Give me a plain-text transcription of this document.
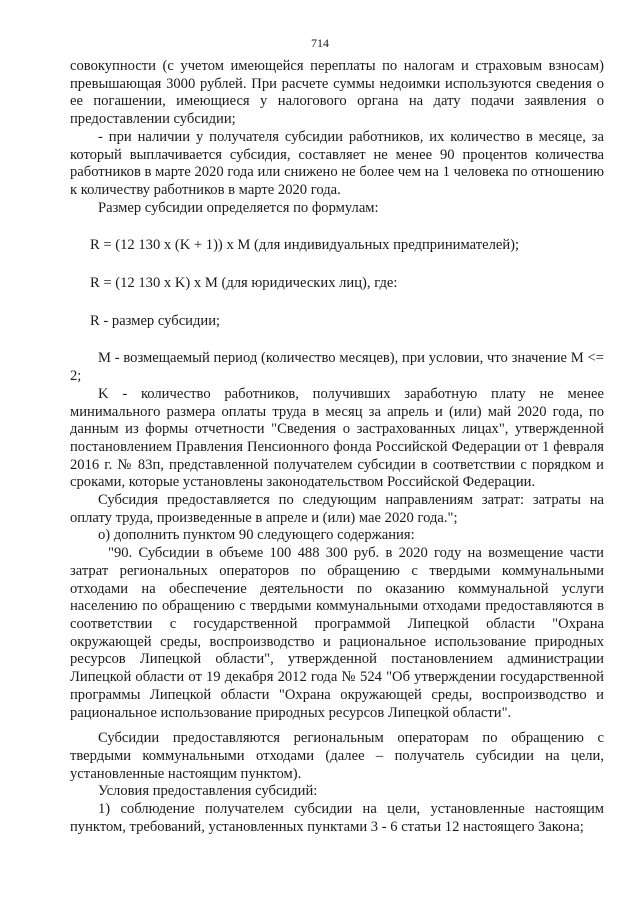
714

совокупности (с учетом имеющейся переплаты по налогам и страховым взносам) превышающая 3000 рублей. При расчете суммы недоимки используются сведения о ее погашении, имеющиеся у налогового органа на дату подачи заявления о предоставлении субсидии;

- при наличии у получателя субсидии работников, их количество в месяце, за который выплачивается субсидия, составляет не менее 90 процентов количества работников в марте 2020 года или снижено не более чем на 1 человека по отношению к количеству работников в марте 2020 года.

Размер субсидии определяется по формулам:

R = (12 130 x (K + 1)) x M (для индивидуальных предпринимателей);

R = (12 130 x K) x M (для юридических лиц), где:

R - размер субсидии;

M - возмещаемый период (количество месяцев), при условии, что значение M <= 2;

K - количество работников, получивших заработную плату не менее минимального размера оплаты труда в месяц за апрель и (или) май 2020 года, по данным из формы отчетности "Сведения о застрахованных лицах", утвержденной постановлением Правления Пенсионного фонда Российской Федерации от 1 февраля 2016 г. № 83п, представленной получателем субсидии в соответствии с порядком и сроками, которые установлены законодательством Российской Федерации.

Субсидия предоставляется по следующим направлениям затрат: затраты на оплату труда, произведенные в апреле и (или) мае 2020 года.";

о) дополнить пунктом 90 следующего содержания:

"90. Субсидии в объеме 100 488 300 руб. в 2020 году на возмещение части затрат региональных операторов по обращению с твердыми коммунальными отходами на обеспечение деятельности по оказанию коммунальной услуги населению по обращению с твердыми коммунальными отходами предоставляются в соответствии с государственной программой Липецкой области "Охрана окружающей среды, воспроизводство и рациональное использование природных ресурсов Липецкой области", утвержденной постановлением администрации Липецкой области от 19 декабря 2012 года № 524 "Об утверждении государственной программы Липецкой области "Охрана окружающей среды, воспроизводство и рациональное использование природных ресурсов Липецкой области".

Субсидии предоставляются региональным операторам по обращению с твердыми коммунальными отходами (далее – получатель субсидии на цели, установленные настоящим пунктом).

Условия предоставления субсидий:

1) соблюдение получателем субсидии на цели, установленные настоящим пунктом, требований, установленных пунктами 3 - 6 статьи 12 настоящего Закона;
